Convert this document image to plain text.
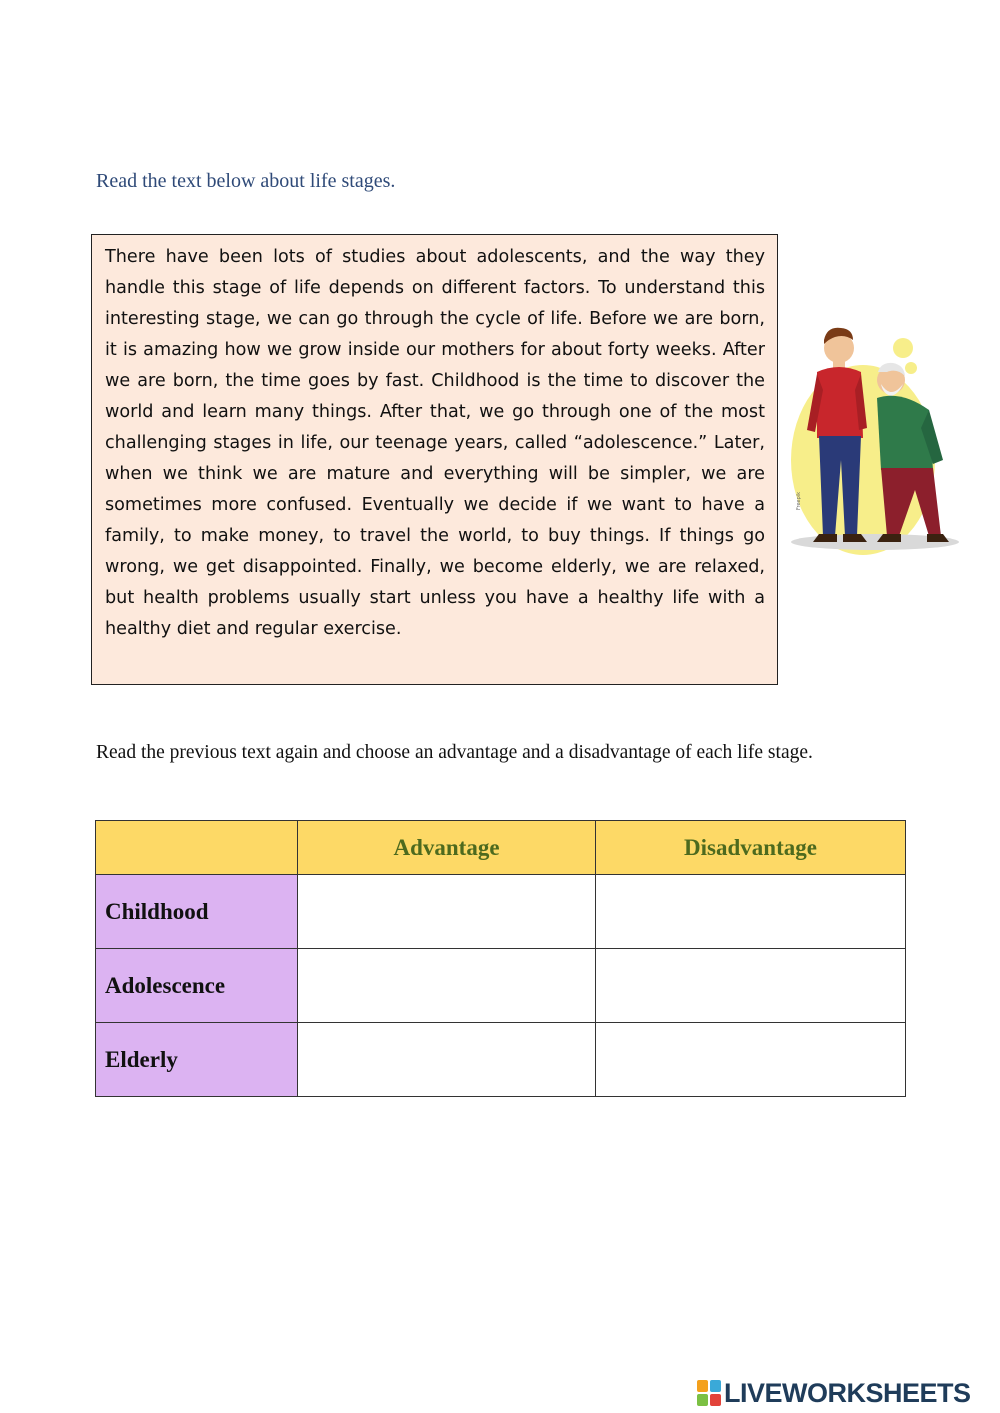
Read the text below about life stages.

There have been lots of studies about adolescents, and the way they handle this stage of life depends on different factors. To understand this interesting stage, we can go through the cycle of life. Before we are born, it is amazing how we grow inside our mothers for about forty weeks. After we are born, the time goes by fast. Childhood is the time to discover the world and learn many things. After that, we go through one of the most challenging stages in life, our teenage years, called “adolescence.” Later, when we think we are mature and everything will be simpler, we are sometimes more confused. Eventually we decide if we want to have a family, to make money, to travel the world, to buy things. If things go wrong, we get disappointed. Finally, we become elderly, we are relaxed, but health problems usually start unless you have a healthy life with a healthy diet and regular exercise.

Freepik

Read the previous text again and choose an advantage and a disadvantage of each life stage.

	Advantage	Disadvantage
Childhood		
Adolescence		
Elderly		
LIVEWORKSHEETS
